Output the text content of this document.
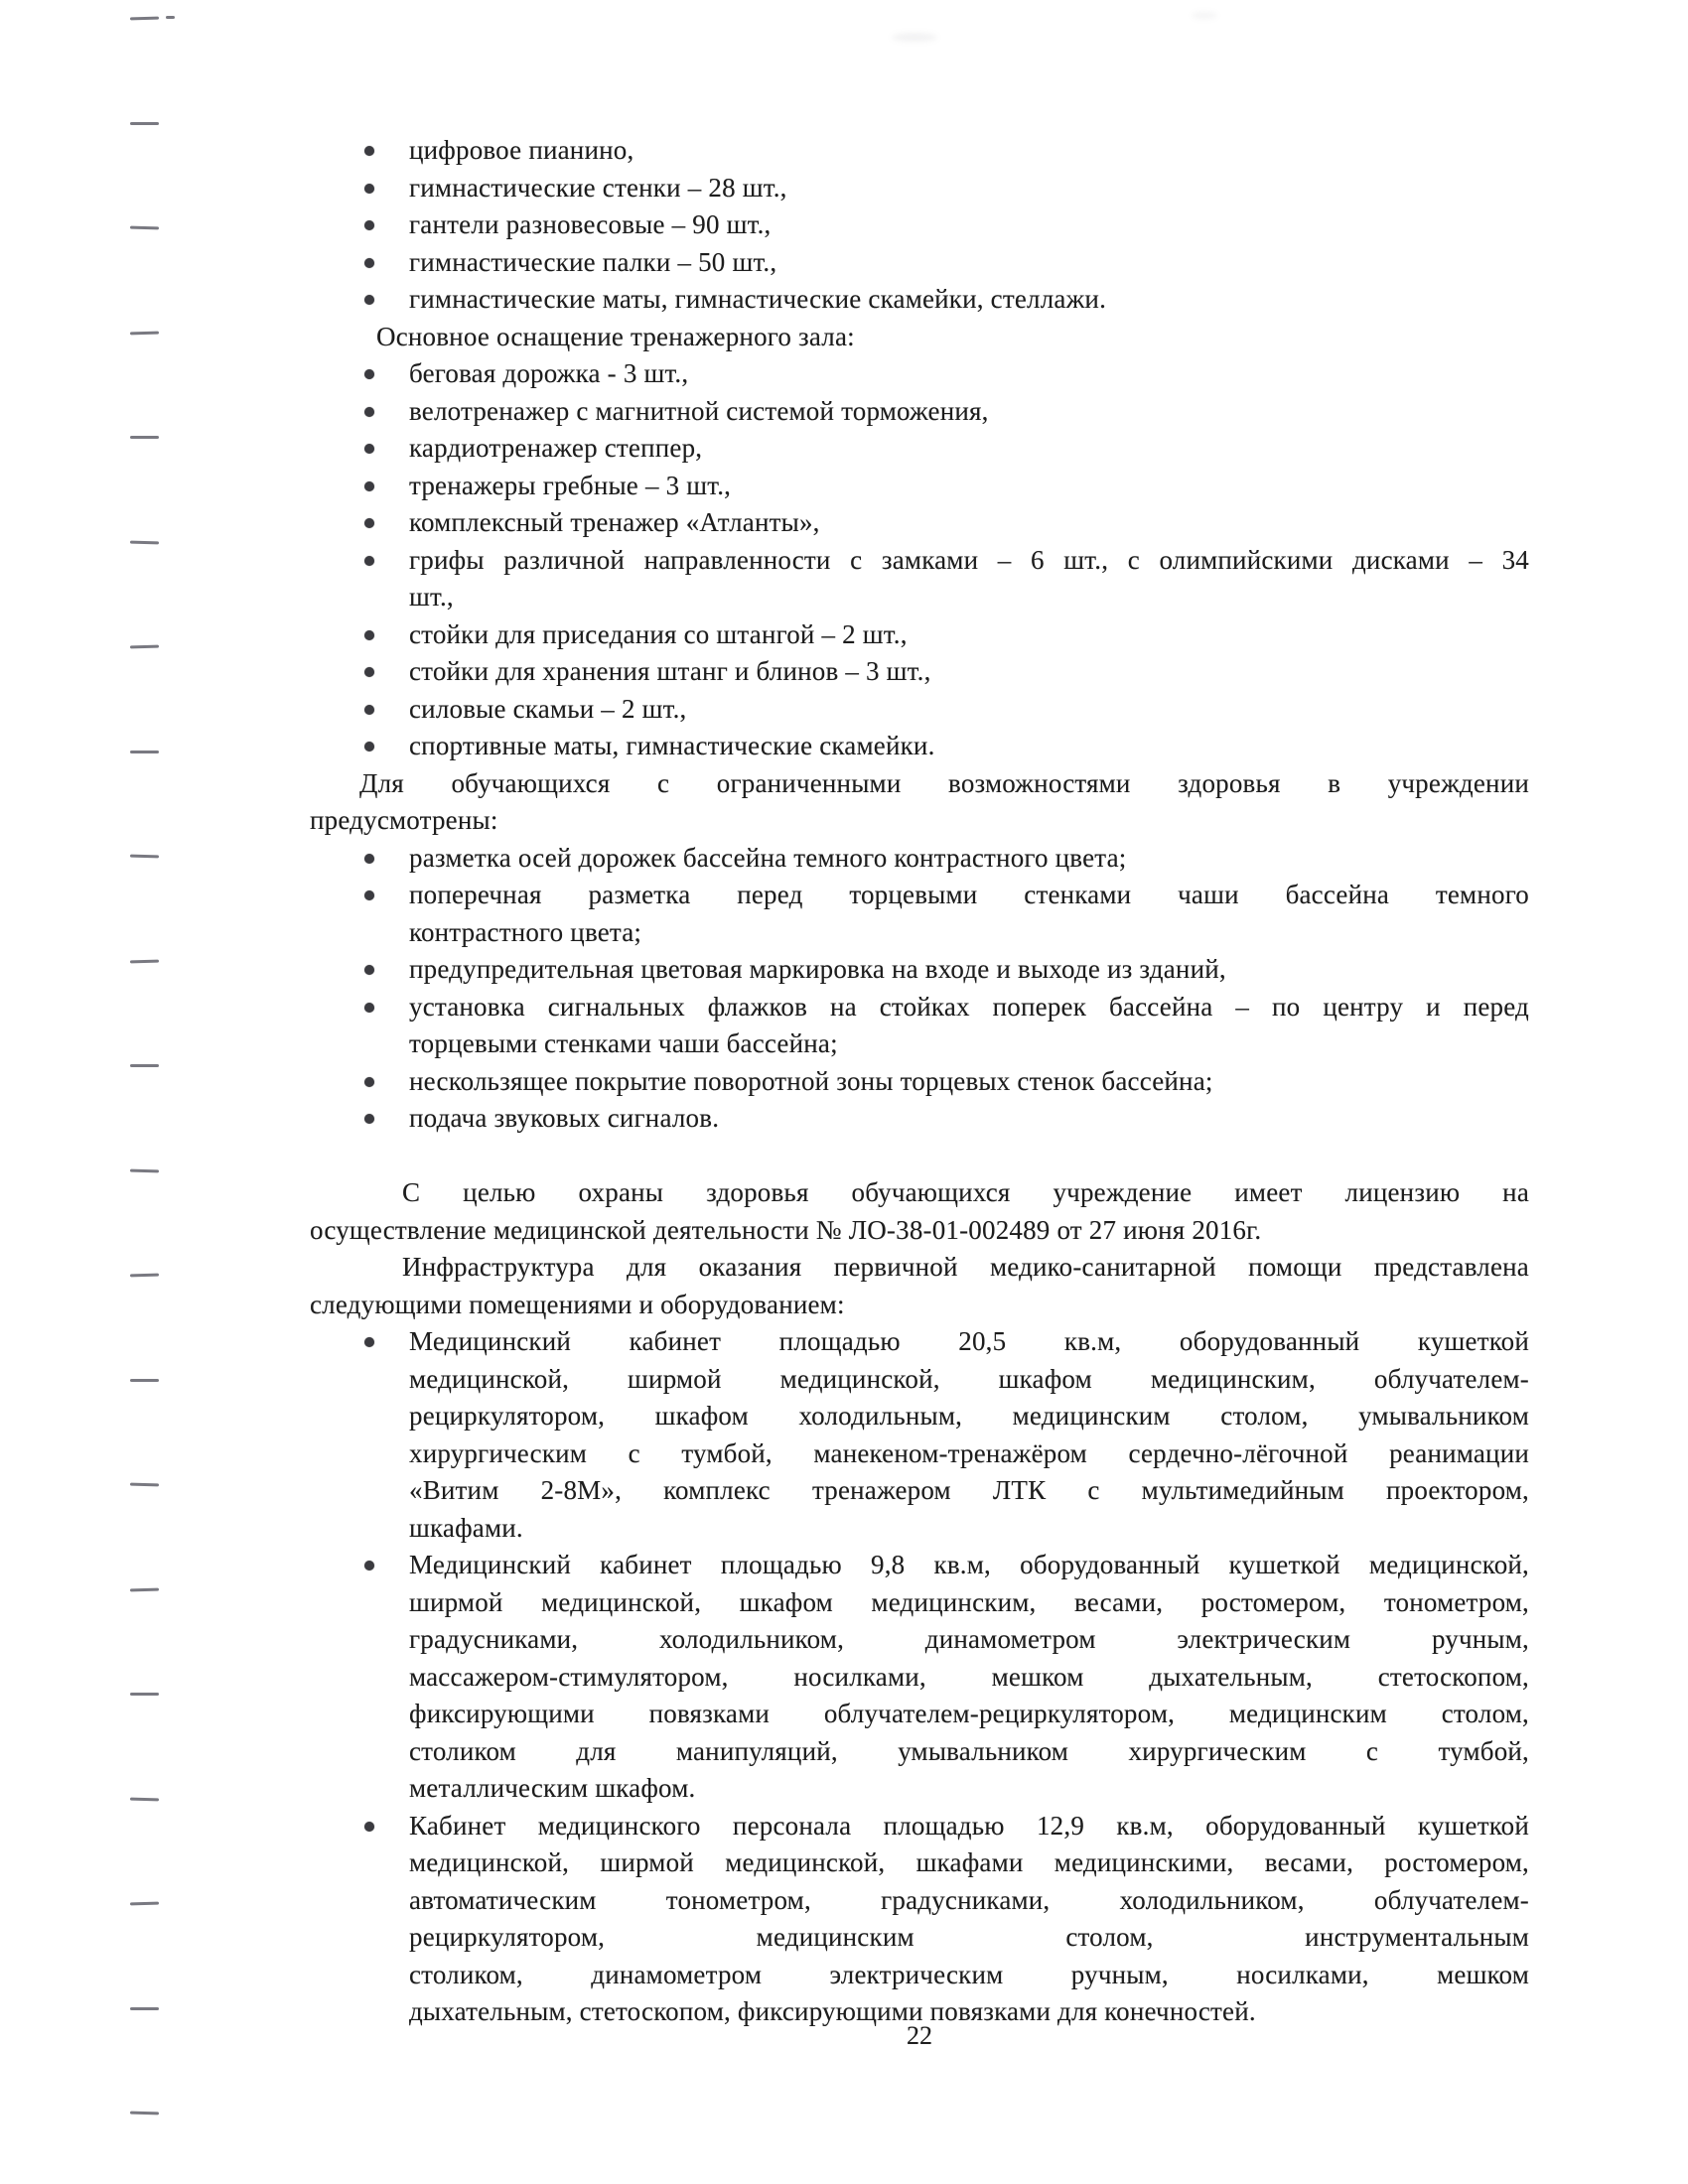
цифровое пианино,
гимнастические стенки – 28 шт.,
гантели разновесовые – 90 шт.,
гимнастические палки – 50 шт.,
гимнастические маты, гимнастические скамейки, стеллажи.
Основное оснащение тренажерного зала:
беговая дорожка - 3 шт.,
велотренажер с магнитной системой торможения,
кардиотренажер степпер,
тренажеры гребные – 3 шт.,
комплексный тренажер «Атланты»,
грифы различной направленности с замками – 6 шт., с олимпийскими дисками – 34
шт.,
стойки для приседания со штангой – 2 шт.,
стойки для хранения штанг и блинов – 3 шт.,
силовые скамьи – 2 шт.,
спортивные маты, гимнастические скамейки.
Для обучающихся с ограниченными возможностями здоровья в учреждении
предусмотрены:
разметка осей дорожек бассейна темного контрастного цвета;
поперечная разметка перед торцевыми стенками чаши бассейна темного
контрастного цвета;
предупредительная цветовая маркировка на входе и выходе из зданий,
установка сигнальных флажков на стойках поперек бассейна – по центру и перед
торцевыми стенками чаши бассейна;
нескользящее покрытие поворотной зоны торцевых стенок бассейна;
подача звуковых сигналов.
С целью охраны здоровья обучающихся учреждение имеет лицензию на
осуществление медицинской деятельности № ЛО-38-01-002489 от 27 июня 2016г.
Инфраструктура для оказания первичной медико-санитарной помощи представлена
следующими помещениями и оборудованием:
Медицинский кабинет площадью 20,5 кв.м, оборудованный кушеткой
медицинской, ширмой медицинской, шкафом медицинским, облучателем-
рециркулятором, шкафом холодильным, медицинским столом, умывальником
хирургическим с тумбой, манекеном-тренажёром сердечно-лёгочной реанимации
«Витим 2-8М», комплекс тренажером ЛТК с мультимедийным проектором,
шкафами.
Медицинский кабинет площадью 9,8 кв.м, оборудованный кушеткой медицинской,
ширмой медицинской, шкафом медицинским, весами, ростомером, тонометром,
градусниками, холодильником, динамометром электрическим ручным,
массажером-стимулятором, носилками, мешком дыхательным, стетоскопом,
фиксирующими повязками облучателем-рециркулятором, медицинским столом,
столиком для манипуляций, умывальником хирургическим с тумбой,
металлическим шкафом.
Кабинет медицинского персонала площадью 12,9 кв.м, оборудованный кушеткой
медицинской, ширмой медицинской, шкафами медицинскими, весами, ростомером,
автоматическим тонометром, градусниками, холодильником, облучателем-
рециркулятором, медицинским столом, инструментальным
столиком, динамометром электрическим ручным, носилками, мешком
дыхательным, стетоскопом, фиксирующими повязками для конечностей.
22
